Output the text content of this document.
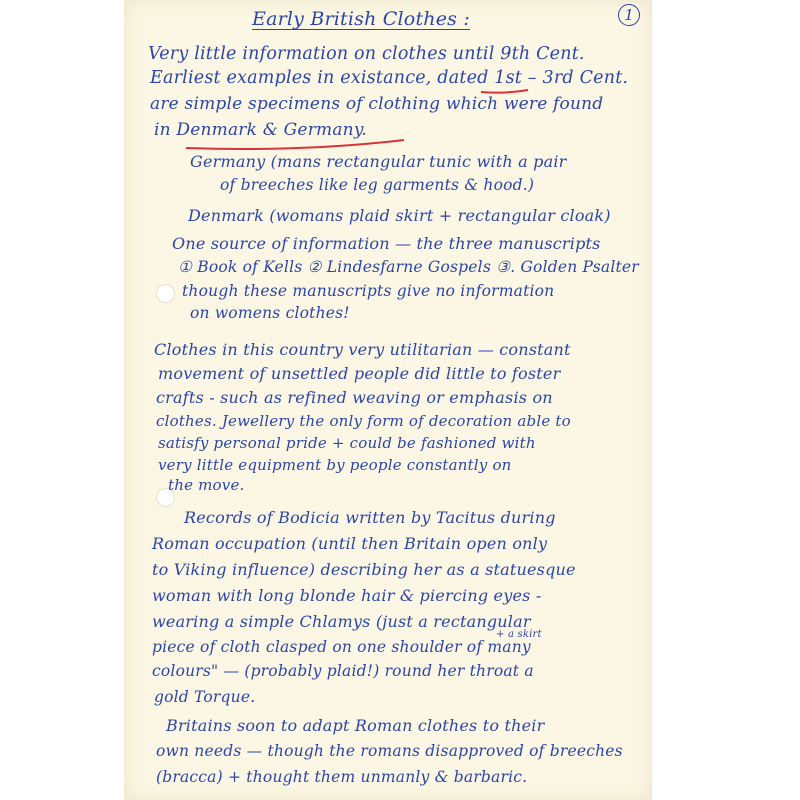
Early British Clothes :	1
Very little information on clothes until 9th Cent.
Earliest examples in existance, dated 1st – 3rd Cent.
are simple specimens of clothing which were found
in Denmark & Germany.
Germany (mans rectangular tunic with a pair
of breeches like leg garments & hood.)
Denmark (womans plaid skirt + rectangular cloak)
One source of information — the three manuscripts
① Book of Kells ② Lindesfarne Gospels ③. Golden Psalter
though these manuscripts give no information
on womens clothes!
Clothes in this country very utilitarian — constant
movement of unsettled people did little to foster
crafts - such as refined weaving or emphasis on
clothes. Jewellery the only form of decoration able to
satisfy personal pride + could be fashioned with
very little equipment by people constantly on
the move.
Records of Bodicia written by Tacitus during
Roman occupation (until then Britain open only
to Viking influence) describing her as a statuesque
woman with long blonde hair & piercing eyes -
wearing a simple Chlamys (just a rectangular
+ a skirt
piece of cloth clasped on one shoulder of many
colours" — (probably plaid!) round her throat a
gold Torque.
Britains soon to adapt Roman clothes to their
own needs — though the romans disapproved of breeches
(bracca) + thought them unmanly & barbaric.
